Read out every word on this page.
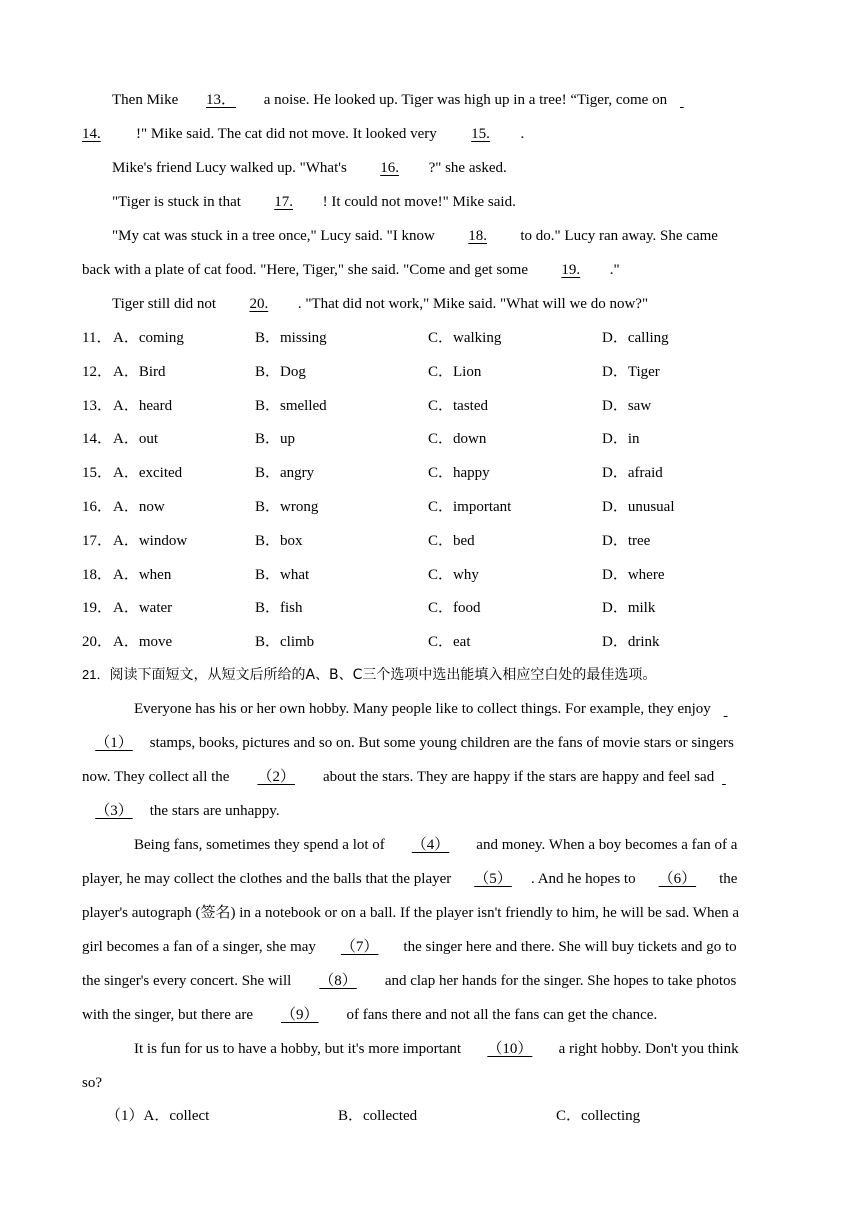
Then Mike 13． a noise. He looked up. Tiger was high up in a tree! “Tiger, come on
14. !" Mike said. The cat did not move. It looked very 15. .
Mike's friend Lucy walked up. "What's 16. ?" she asked.
"Tiger is stuck in that 17. ! It could not move!" Mike said.
"My cat was stuck in a tree once," Lucy said. "I know 18. to do." Lucy ran away. She came
back with a plate of cat food. "Here, Tiger," she said. "Come and get some 19. ."
Tiger still did not 20. . "That did not work," Mike said. "What will we do now?"
11． A．coming	B．missing	C．walking	D．calling
12． A．Bird	B．Dog	C．Lion	D．Tiger
13． A．heard	B．smelled	C．tasted	D．saw
14． A．out	B．up	C．down	D．in
15． A．excited	B．angry	C．happy	D．afraid
16． A．now	B．wrong	C．important	D．unusual
17． A．window	B．box	C．bed	D．tree
18． A．when	B．what	C．why	D．where
19． A．water	B．fish	C．food	D．milk
20． A．move	B．climb	C．eat	D．drink
21．阅读下面短文，从短文后所给的A、B、C三个选项中选出能填入相应空白处的最佳选项。
Everyone has his or her own hobby. Many people like to collect things. For example, they enjoy
（1） stamps, books, pictures and so on. But some young children are the fans of movie stars or singers
now. They collect all the （2） about the stars. They are happy if the stars are happy and feel sad
（3） the stars are unhappy.
Being fans, sometimes they spend a lot of （4） and money. When a boy becomes a fan of a
player, he may collect the clothes and the balls that the player （5） . And he hopes to （6） the
player's autograph (签名) in a notebook or on a ball. If the player isn't friendly to him, he will be sad. When a
girl becomes a fan of a singer, she may （7） the singer here and there. She will buy tickets and go to
the singer's every concert. She will （8） and clap her hands for the singer. She hopes to take photos
with the singer, but there are （9） of fans there and not all the fans can get the chance.
It is fun for us to have a hobby, but it's more important （10） a right hobby. Don't you think
so?
（1）A．collect	B．collected	C．collecting
